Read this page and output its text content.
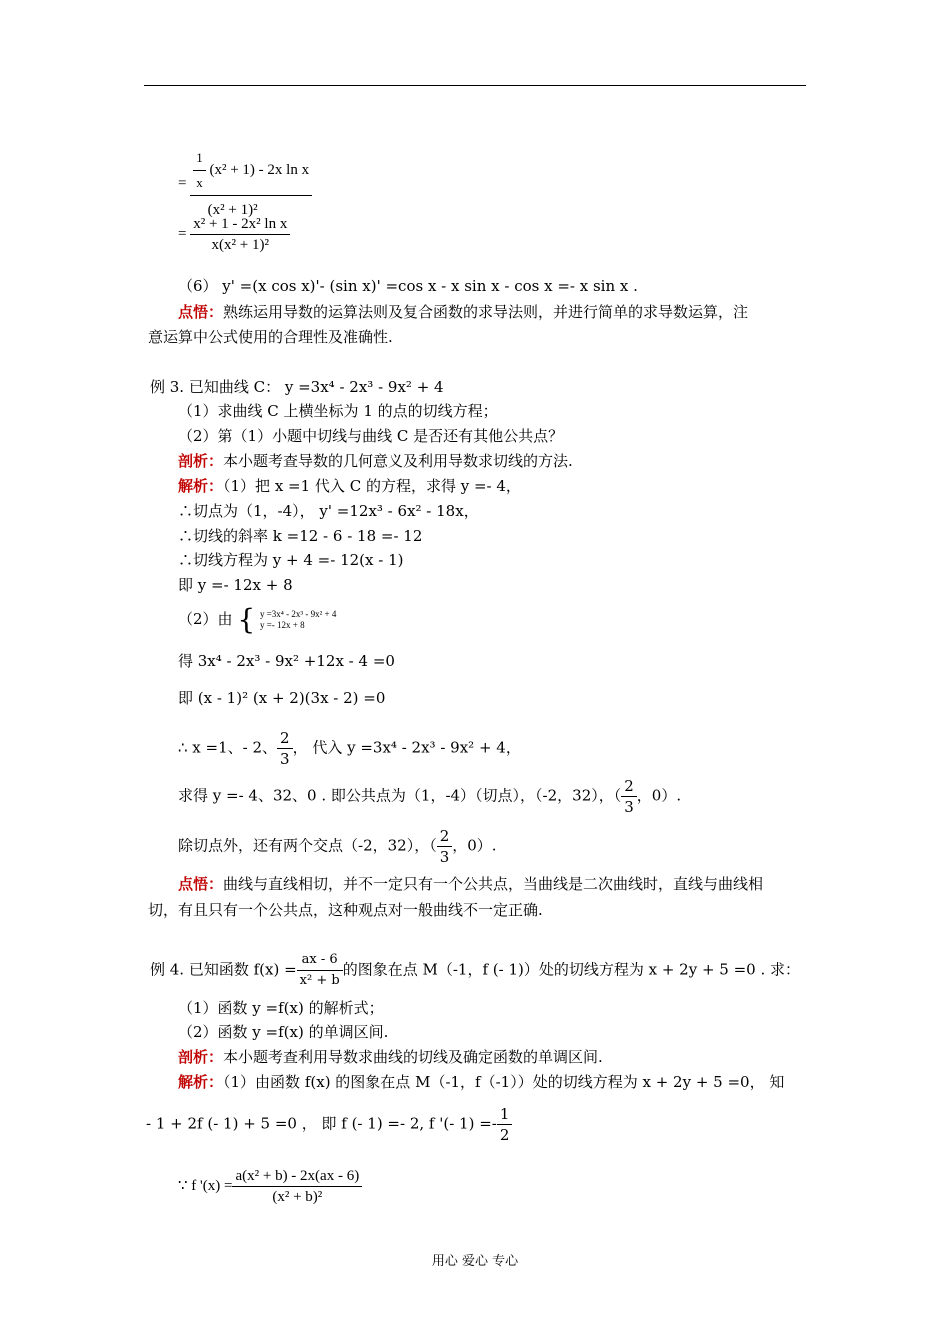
= $\frac{\frac{1}{x} (x^2 + 1) - 2x \ln x}{\text{(x² + 1)²}}$
= $\frac{\text{x² + 1 - 2x² ln x}}{\text{x(x² + 1)²}}$
（6） y' =(x cos x)'- (sin x)' =cos x - x sin x - cos x =- x sin x .
点悟：熟练运用导数的运算法则及复合函数的求导法则，并进行简单的求导数运算，注
意运算中公式使用的合理性及准确性.
例 3. 已知曲线 C： y =3x⁴ - 2x³ - 9x² + 4
（1）求曲线 C 上横坐标为 1 的点的切线方程；
（2）第（1）小题中切线与曲线 C 是否还有其他公共点？
剖析：本小题考查导数的几何意义及利用导数求切线的方法.
解析：（1）把 x =1 代入 C 的方程，求得 y =- 4，
∴切点为（1，-4）， y' =12x³ - 6x² - 18x，
∴切线的斜率 k =12 - 6 - 18 =- 12
∴切线方程为 y + 4 =- 12(x - 1)
即 y =- 12x + 8
（2）由 { y =3x⁴ - 2x³ - 9x² + 4
y =- 12x + 8
得 3x⁴ - 2x³ - 9x² +12x - 4 =0
即 (x - 1)² (x + 2)(3x - 2) =0
∴ x =1、- 2、 $\frac{2}{3}$ ， 代入 y =3x⁴ - 2x³ - 9x² + 4，
求得 y =- 4、32、0 . 即公共点为（1，-4）（切点），（-2，32），（ $\frac{2}{3}$ ，0）.
除切点外，还有两个交点（-2，32），（ $\frac{2}{3}$ ，0）.
点悟：曲线与直线相切，并不一定只有一个公共点，当曲线是二次曲线时，直线与曲线相
切，有且只有一个公共点，这种观点对一般曲线不一定正确.
例 4. 已知函数 $f(x) = \frac{ax - 6}{\text{x² + b}}$ 的图象在点 M（-1，f (- 1)）处的切线方程为 x + 2y + 5 =0 . 求：
（1）函数 y =f(x) 的解析式；
（2）函数 y =f(x) 的单调区间.
剖析：本小题考查利用导数求曲线的切线及确定函数的单调区间.
解析：（1）由函数 f(x) 的图象在点 M（-1，f（-1））处的切线方程为 x + 2y + 5 =0， 知
- 1 + 2f (- 1) + 5 =0 ， 即 f (- 1) =- 2, f '(- $1) =- \frac{1}{2}$
∵ f '$(x) = \frac{\text{a(x² + b) - 2x(ax - 6)}}{\text{(x² + b)²}}$
用心 爱心 专心
